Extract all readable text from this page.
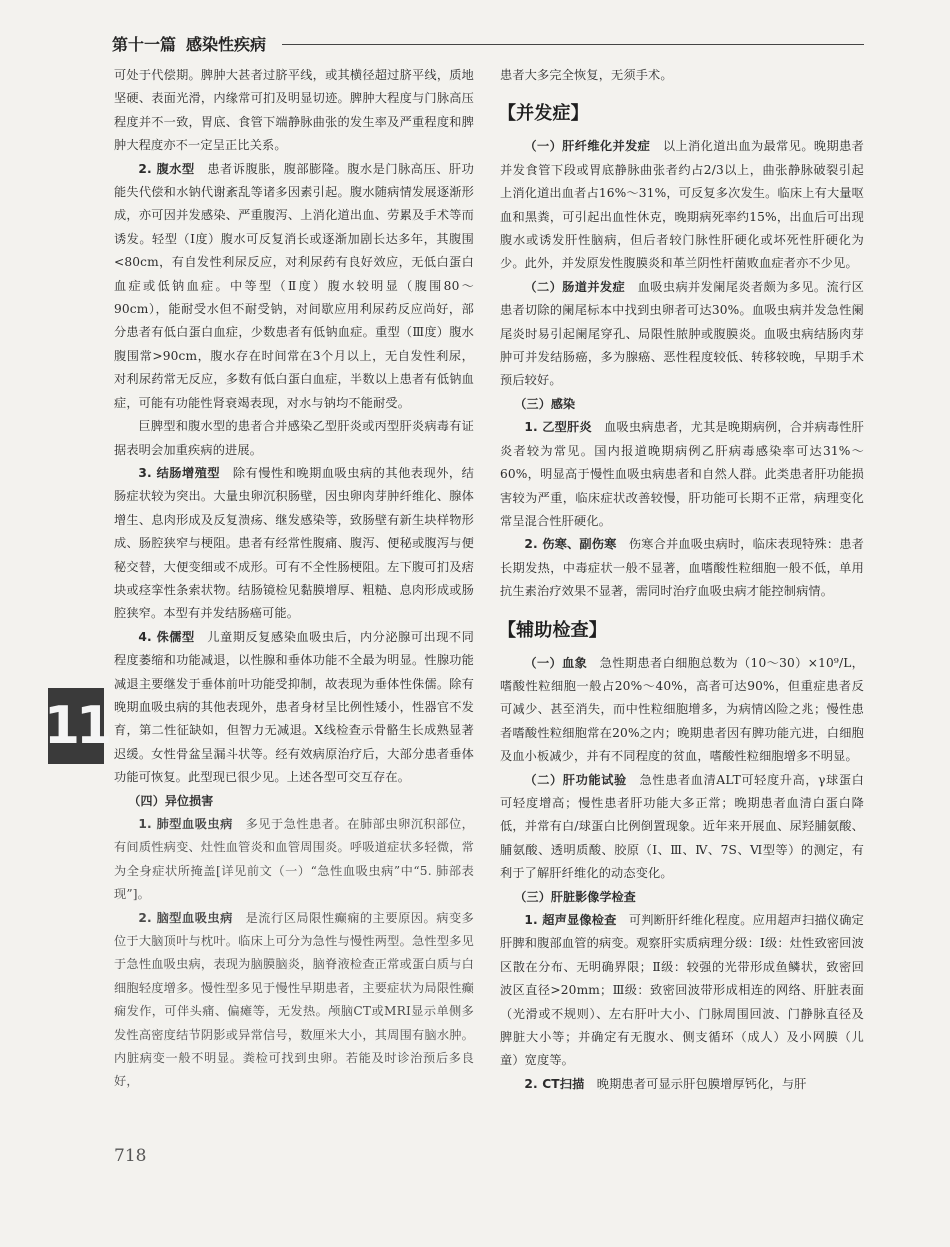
第十一篇 感染性疾病

可处于代偿期。脾肿大甚者过脐平线，或其横径超过脐平线，质地坚硬、表面光滑，内缘常可扪及明显切迹。脾肿大程度与门脉高压程度并不一致，胃底、食管下端静脉曲张的发生率及严重程度和脾肿大程度亦不一定呈正比关系。

2. 腹水型　 患者诉腹胀，腹部膨隆。腹水是门脉高压、肝功能失代偿和水钠代谢紊乱等诸多因素引起。腹水随病情发展逐渐形成，亦可因并发感染、严重腹泻、上消化道出血、劳累及手术等而诱发。轻型（Ⅰ度）腹水可反复消长或逐渐加剧长达多年，其腹围<80cm，有自发性利尿反应，对利尿药有良好效应，无低白蛋白血症或低钠血症。中等型（Ⅱ度）腹水较明显（腹围80～90cm），能耐受水但不耐受钠，对间歇应用利尿药反应尚好，部分患者有低白蛋白血症，少数患者有低钠血症。重型（Ⅲ度）腹水腹围常>90cm，腹水存在时间常在3个月以上，无自发性利尿，对利尿药常无反应，多数有低白蛋白血症，半数以上患者有低钠血症，可能有功能性肾衰竭表现，对水与钠均不能耐受。

巨脾型和腹水型的患者合并感染乙型肝炎或丙型肝炎病毒有证据表明会加重疾病的进展。

3. 结肠增殖型　 除有慢性和晚期血吸虫病的其他表现外，结肠症状较为突出。大量虫卵沉积肠壁，因虫卵肉芽肿纤维化、腺体增生、息肉形成及反复溃疡、继发感染等，致肠壁有新生块样物形成、肠腔狭窄与梗阻。患者有经常性腹痛、腹泻、便秘或腹泻与便秘交替，大便变细或不成形。可有不全性肠梗阻。左下腹可扪及痞块或痉挛性条索状物。结肠镜检见黏膜增厚、粗糙、息肉形成或肠腔狭窄。本型有并发结肠癌可能。

4. 侏儒型　 儿童期反复感染血吸虫后，内分泌腺可出现不同程度萎缩和功能减退，以性腺和垂体功能不全最为明显。性腺功能减退主要继发于垂体前叶功能受抑制，故表现为垂体性侏儒。除有晚期血吸虫病的其他表现外，患者身材呈比例性矮小，性器官不发育，第二性征缺如，但智力无减退。X线检查示骨骼生长成熟显著迟缓。女性骨盆呈漏斗状等。经有效病原治疗后，大部分患者垂体功能可恢复。此型现已很少见。上述各型可交互存在。

（四）异位损害

1. 肺型血吸虫病　 多见于急性患者。在肺部虫卵沉积部位，有间质性病变、灶性血管炎和血管周围炎。呼吸道症状多轻微，常为全身症状所掩盖[详见前文（一）“急性血吸虫病”中“5. 肺部表现”]。

2. 脑型血吸虫病　 是流行区局限性癫痫的主要原因。病变多位于大脑顶叶与枕叶。临床上可分为急性与慢性两型。急性型多见于急性血吸虫病，表现为脑膜脑炎，脑脊液检查正常或蛋白质与白细胞轻度增多。慢性型多见于慢性早期患者，主要症状为局限性癫痫发作，可伴头痛、偏瘫等，无发热。颅脑CT或MRI显示单侧多发性高密度结节阴影或异常信号，数厘米大小，其周围有脑水肿。内脏病变一般不明显。粪检可找到虫卵。若能及时诊治预后多良好，

患者大多完全恢复，无须手术。

【并发症】

（一）肝纤维化并发症　 以上消化道出血为最常见。晚期患者并发食管下段或胃底静脉曲张者约占2/3以上，曲张静脉破裂引起上消化道出血者占16%～31%，可反复多次发生。临床上有大量呕血和黑粪，可引起出血性休克，晚期病死率约15%，出血后可出现腹水或诱发肝性脑病，但后者较门脉性肝硬化或坏死性肝硬化为少。此外，并发原发性腹膜炎和革兰阴性杆菌败血症者亦不少见。

（二）肠道并发症　 血吸虫病并发阑尾炎者颇为多见。流行区患者切除的阑尾标本中找到虫卵者可达30%。血吸虫病并发急性阑尾炎时易引起阑尾穿孔、局限性脓肿或腹膜炎。血吸虫病结肠肉芽肿可并发结肠癌，多为腺癌、恶性程度较低、转移较晚，早期手术预后较好。

（三）感染

1. 乙型肝炎　 血吸虫病患者，尤其是晚期病例，合并病毒性肝炎者较为常见。国内报道晚期病例乙肝病毒感染率可达31%～60%，明显高于慢性血吸虫病患者和自然人群。此类患者肝功能损害较为严重，临床症状改善较慢，肝功能可长期不正常，病理变化常呈混合性肝硬化。

2. 伤寒、副伤寒　 伤寒合并血吸虫病时，临床表现特殊：患者长期发热，中毒症状一般不显著，血嗜酸性粒细胞一般不低，单用抗生素治疗效果不显著，需同时治疗血吸虫病才能控制病情。

【辅助检查】

（一）血象　 急性期患者白细胞总数为（10～30）×10⁹/L，嗜酸性粒细胞一般占20%～40%，高者可达90%，但重症患者反可减少、甚至消失，而中性粒细胞增多，为病情凶险之兆；慢性患者嗜酸性粒细胞常在20%之内；晚期患者因有脾功能亢进，白细胞及血小板减少，并有不同程度的贫血，嗜酸性粒细胞增多不明显。

（二）肝功能试验　 急性患者血清ALT可轻度升高，γ球蛋白可轻度增高；慢性患者肝功能大多正常；晚期患者血清白蛋白降低，并常有白/球蛋白比例倒置现象。近年来开展血、尿羟脯氨酸、脯氨酸、透明质酸、胶原（Ⅰ、Ⅲ、Ⅳ、7S、Ⅵ型等）的测定，有利于了解肝纤维化的动态变化。

（三）肝脏影像学检查

1. 超声显像检查　 可判断肝纤维化程度。应用超声扫描仪确定肝脾和腹部血管的病变。观察肝实质病理分级：Ⅰ级：灶性致密回波区散在分布、无明确界限；Ⅱ级：较强的光带形成鱼鳞状，致密回波区直径>20mm；Ⅲ级：致密回波带形成相连的网络、肝脏表面（光滑或不规则）、左右肝叶大小、门脉周围回波、门静脉直径及脾脏大小等；并确定有无腹水、侧支循环（成人）及小网膜（儿童）宽度等。

2. CT扫描　 晚期患者可显示肝包膜增厚钙化，与肝

11
718
